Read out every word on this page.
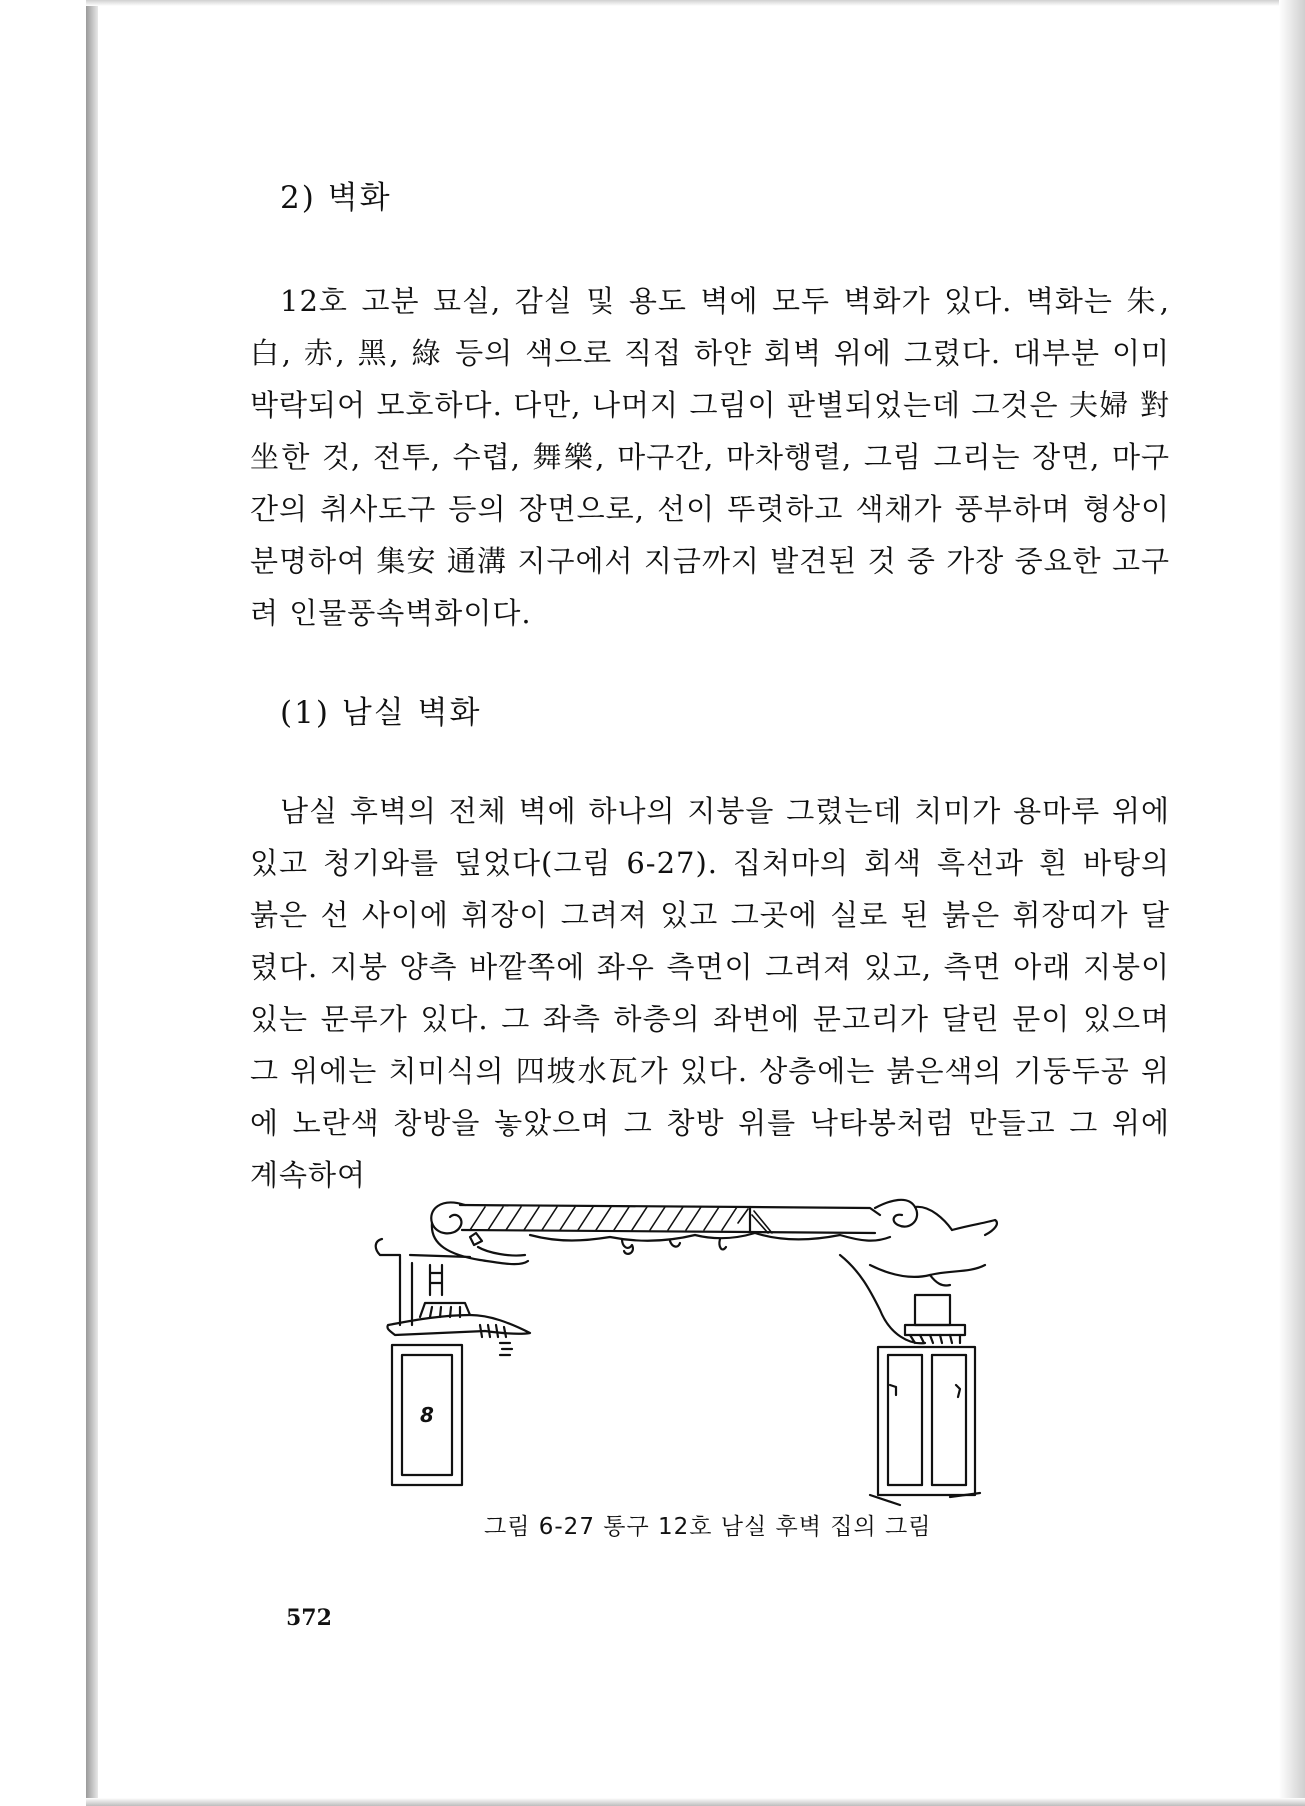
2) 벽화

12호 고분 묘실, 감실 및 용도 벽에 모두 벽화가 있다. 벽화는 朱, 白, 赤, 黑, 綠 등의 색으로 직접 하얀 회벽 위에 그렸다. 대부분 이미 박락되어 모호하다. 다만, 나머지 그림이 판별되었는데 그것은 夫婦 對坐한 것, 전투, 수렵, 舞樂, 마구간, 마차행렬, 그림 그리는 장면, 마구간의 취사도구 등의 장면으로, 선이 뚜렷하고 색채가 풍부하며 형상이 분명하여 集安 通溝 지구에서 지금까지 발견된 것 중 가장 중요한 고구려 인물풍속벽화이다.

(1) 남실 벽화

남실 후벽의 전체 벽에 하나의 지붕을 그렸는데 치미가 용마루 위에 있고 청기와를 덮었다(그림 6-27). 집처마의 회색 흑선과 흰 바탕의 붉은 선 사이에 휘장이 그려져 있고 그곳에 실로 된 붉은 휘장띠가 달렸다. 지붕 양측 바깥쪽에 좌우 측면이 그려져 있고, 측면 아래 지붕이 있는 문루가 있다. 그 좌측 하층의 좌변에 문고리가 달린 문이 있으며 그 위에는 치미식의 四坡水瓦가 있다. 상층에는 붉은색의 기둥두공 위에 노란색 창방을 놓았으며 그 창방 위를 낙타봉처럼 만들고 그 위에 계속하여

8

그림 6-27 통구 12호 남실 후벽 집의 그림

572
